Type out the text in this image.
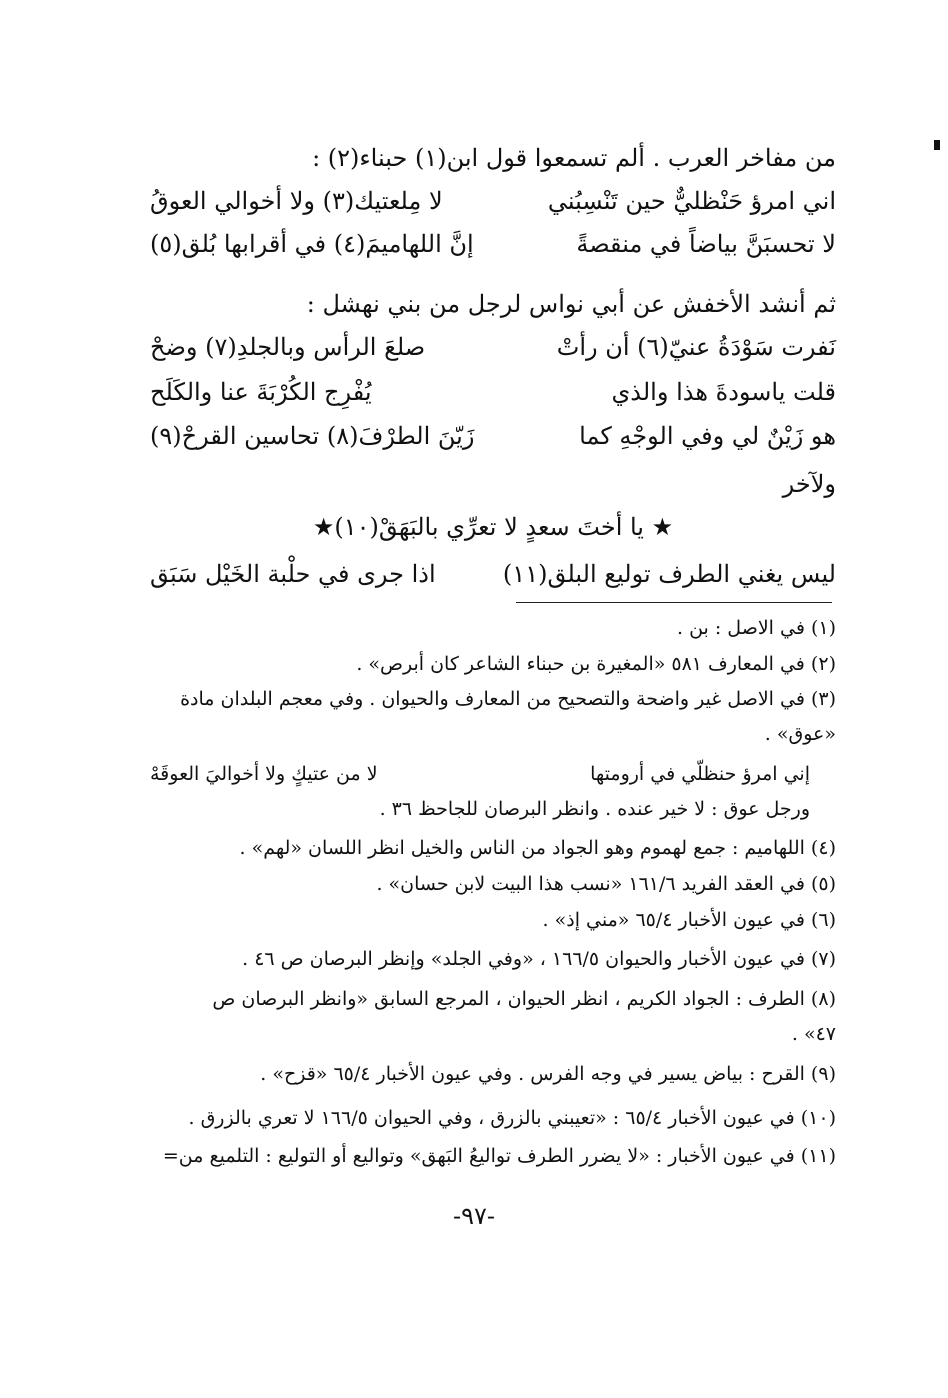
من مفاخر العرب . ألم تسمعوا قول ابن(١) حبناء(٢) :
اني امرؤ حَنْظليٌّ حين تَنْسِبُني
لا مِلعتيك(٣) ولا أخوالي العوقُ
لا تحسبَنَّ بياضاً في منقصةً
إنَّ اللهاميمَ(٤) في أقرابها بُلق(٥)
ثم أنشد الأخفش عن أبي نواس لرجل من بني نهشل :
نَفرت سَوْدَةُ عنيّ(٦) أن رأتْ
صلعَ الرأس وبالجلدِ(٧) وضحْ
قلت ياسودةَ هذا والذي
يُفْرِج الكُرْبَةَ عنا والكَلَح
هو زَيْنٌ لي وفي الوجْهِ كما
زَيّنَ الطرْفَ(٨) تحاسين القرحْ(٩)
ولآخر
★ يا أختَ سعدٍ لا تعرِّي بالبَهَقْ(١٠)★
ليس يغني الطرف توليع البلق(١١)
اذا جرى في حلْبة الخَيْل سَبَق
(١) في الاصل : بن .
(٢) في المعارف ٥٨١ «المغيرة بن حبناء الشاعر كان أبرص» .
(٣) في الاصل غير واضحة والتصحيح من المعارف والحيوان . وفي معجم البلدان مادة
«عوق» .
إني امرؤ حنظلّي في أرومتها
لا من عتيكٍ ولا أخواليَ العوقَهْ
ورجل عوق : لا خير عنده . وانظر البرصان للجاحظ ٣٦ .
(٤) اللهاميم : جمع لهموم وهو الجواد من الناس والخيل انظر اللسان «لهم» .
(٥) في العقد الفريد ١٦١/٦ «نسب هذا البيت لابن حسان» .
(٦) في عيون الأخبار ٦٥/٤ «مني إذ» .
(٧) في عيون الأخبار والحيوان ١٦٦/٥ ، «وفي الجلد» وإنظر البرصان ص ٤٦ .
(٨) الطرف : الجواد الكريم ، انظر الحيوان ، المرجع السابق «وانظر البرصان ص
٤٧» .
(٩) القرح : بياض يسير في وجه الفرس . وفي عيون الأخبار ٦٥/٤ «قزح» .
(١٠) في عيون الأخبار ٦٥/٤ : «تعيبني بالزرق ، وفي الحيوان ١٦٦/٥ لا تعري بالزرق .
(١١) في عيون الأخبار : «لا يضرر الطرف تواليعُ البَهق» وتواليع أو التوليع : التلميع من=
-٩٧-
